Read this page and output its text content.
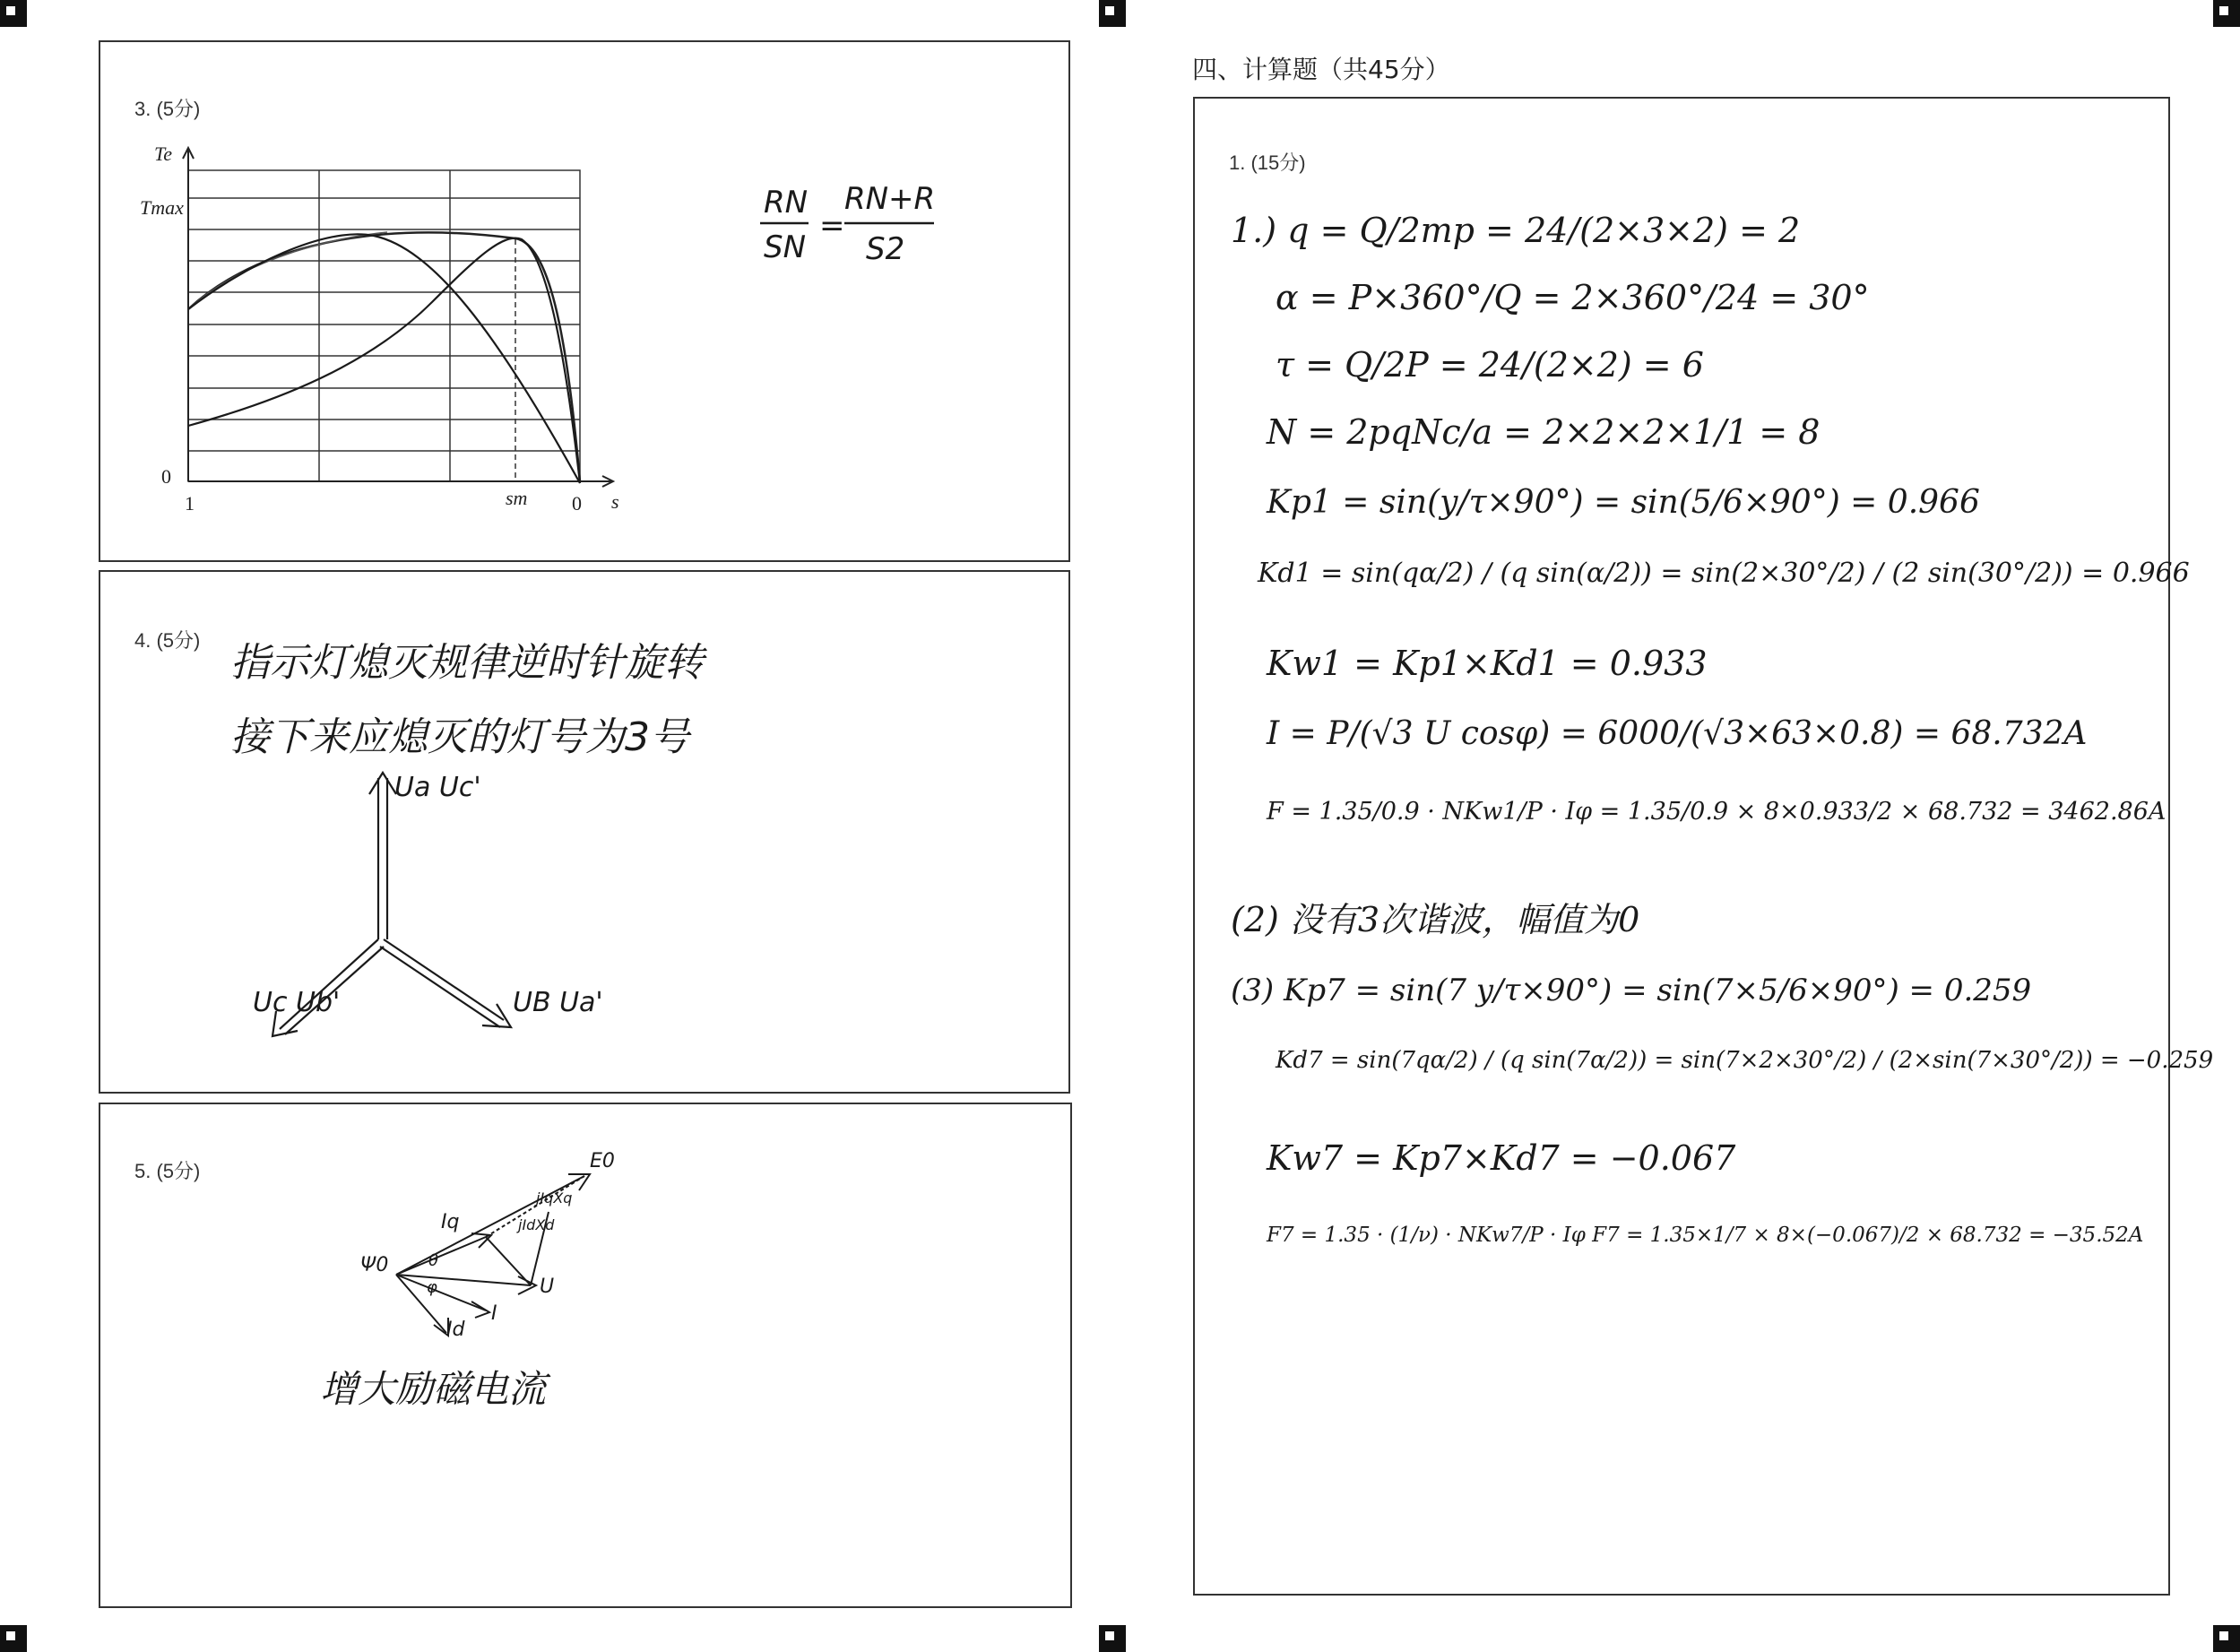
3. (5分)
Te
Tmax
0
1	sm 0 s
RN
SN
=
RN+R
S2
4. (5分) 指示灯熄灭规律逆时针旋转
接下来应熄灭的灯号为3号
Ua Uc'
Uc Ub'	UB Ua'
5. (5分)	E0
Ψ0
Iq
U
I
Id
θ
φ
jIdXd
jIqXq
增大励磁电流
四、计算题（共45分）
1. (15分)
1.) q = Q/2mp = 24/(2×3×2) = 2
α = P×360°/Q = 2×360°/24 = 30°
τ = Q/2P = 24/(2×2) = 6
N = 2pqNc/a = 2×2×2×1/1 = 8
Kp1 = sin(y/τ×90°) = sin(5/6×90°) = 0.966
Kd1 = sin(qα/2) / (q sin(α/2)) = sin(2×30°/2) / (2 sin(30°/2)) = 0.966
Kw1 = Kp1×Kd1 = 0.933
I = P/(√3 U cosφ) = 6000/(√3×63×0.8) = 68.732A
F = 1.35/0.9 · NKw1/P · Iφ = 1.35/0.9 × 8×0.933/2 × 68.732 = 3462.86A
(2) 没有3次谐波，幅值为0
(3) Kp7 = sin(7 y/τ×90°) = sin(7×5/6×90°) = 0.259
Kd7 = sin(7qα/2) / (q sin(7α/2)) = sin(7×2×30°/2) / (2×sin(7×30°/2)) = −0.259
Kw7 = Kp7×Kd7 = −0.067
F7 = 1.35 · (1/ν) · NKw7/P · Iφ F7 = 1.35×1/7 × 8×(−0.067)/2 × 68.732 = −35.52A
